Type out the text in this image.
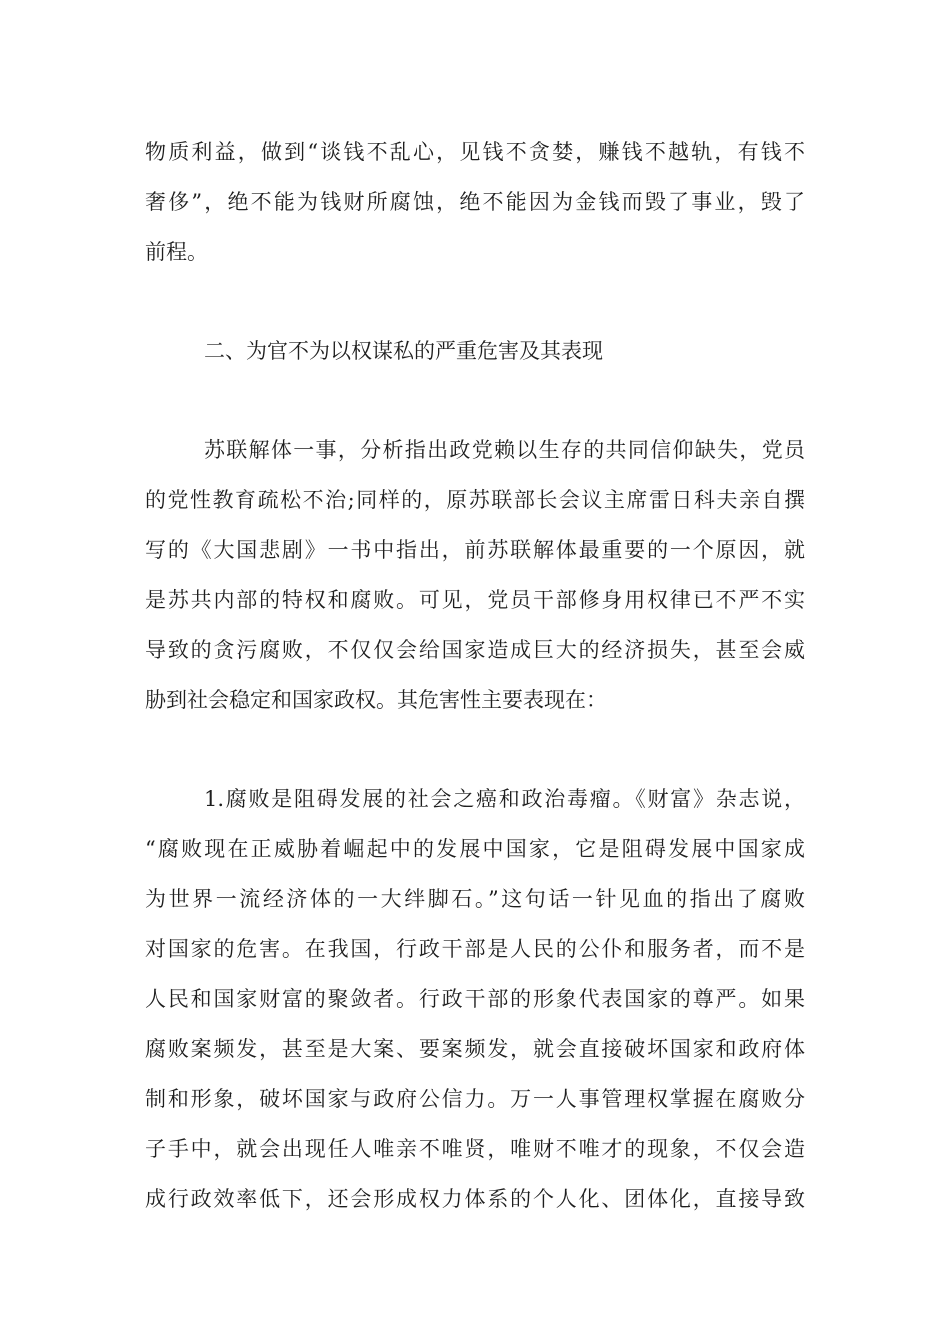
物质利益，做到“谈钱不乱心，见钱不贪婪，赚钱不越轨，有钱不
奢侈”，绝不能为钱财所腐蚀，绝不能因为金钱而毁了事业，毁了
前程。
二、为官不为以权谋私的严重危害及其表现
苏联解体一事，分析指出政党赖以生存的共同信仰缺失，党员
的党性教育疏松不治;同样的，原苏联部长会议主席雷日科夫亲自撰
写的《大国悲剧》一书中指出，前苏联解体最重要的一个原因，就
是苏共内部的特权和腐败。可见，党员干部修身用权律已不严不实
导致的贪污腐败，不仅仅会给国家造成巨大的经济损失，甚至会威
胁到社会稳定和国家政权。其危害性主要表现在：
1.腐败是阻碍发展的社会之癌和政治毒瘤。《财富》杂志说，
“腐败现在正威胁着崛起中的发展中国家，它是阻碍发展中国家成
为世界一流经济体的一大绊脚石。”这句话一针见血的指出了腐败
对国家的危害。在我国，行政干部是人民的公仆和服务者，而不是
人民和国家财富的聚敛者。行政干部的形象代表国家的尊严。如果
腐败案频发，甚至是大案、要案频发，就会直接破坏国家和政府体
制和形象，破坏国家与政府公信力。万一人事管理权掌握在腐败分
子手中，就会出现任人唯亲不唯贤，唯财不唯才的现象，不仅会造
成行政效率低下，还会形成权力体系的个人化、团体化，直接导致
